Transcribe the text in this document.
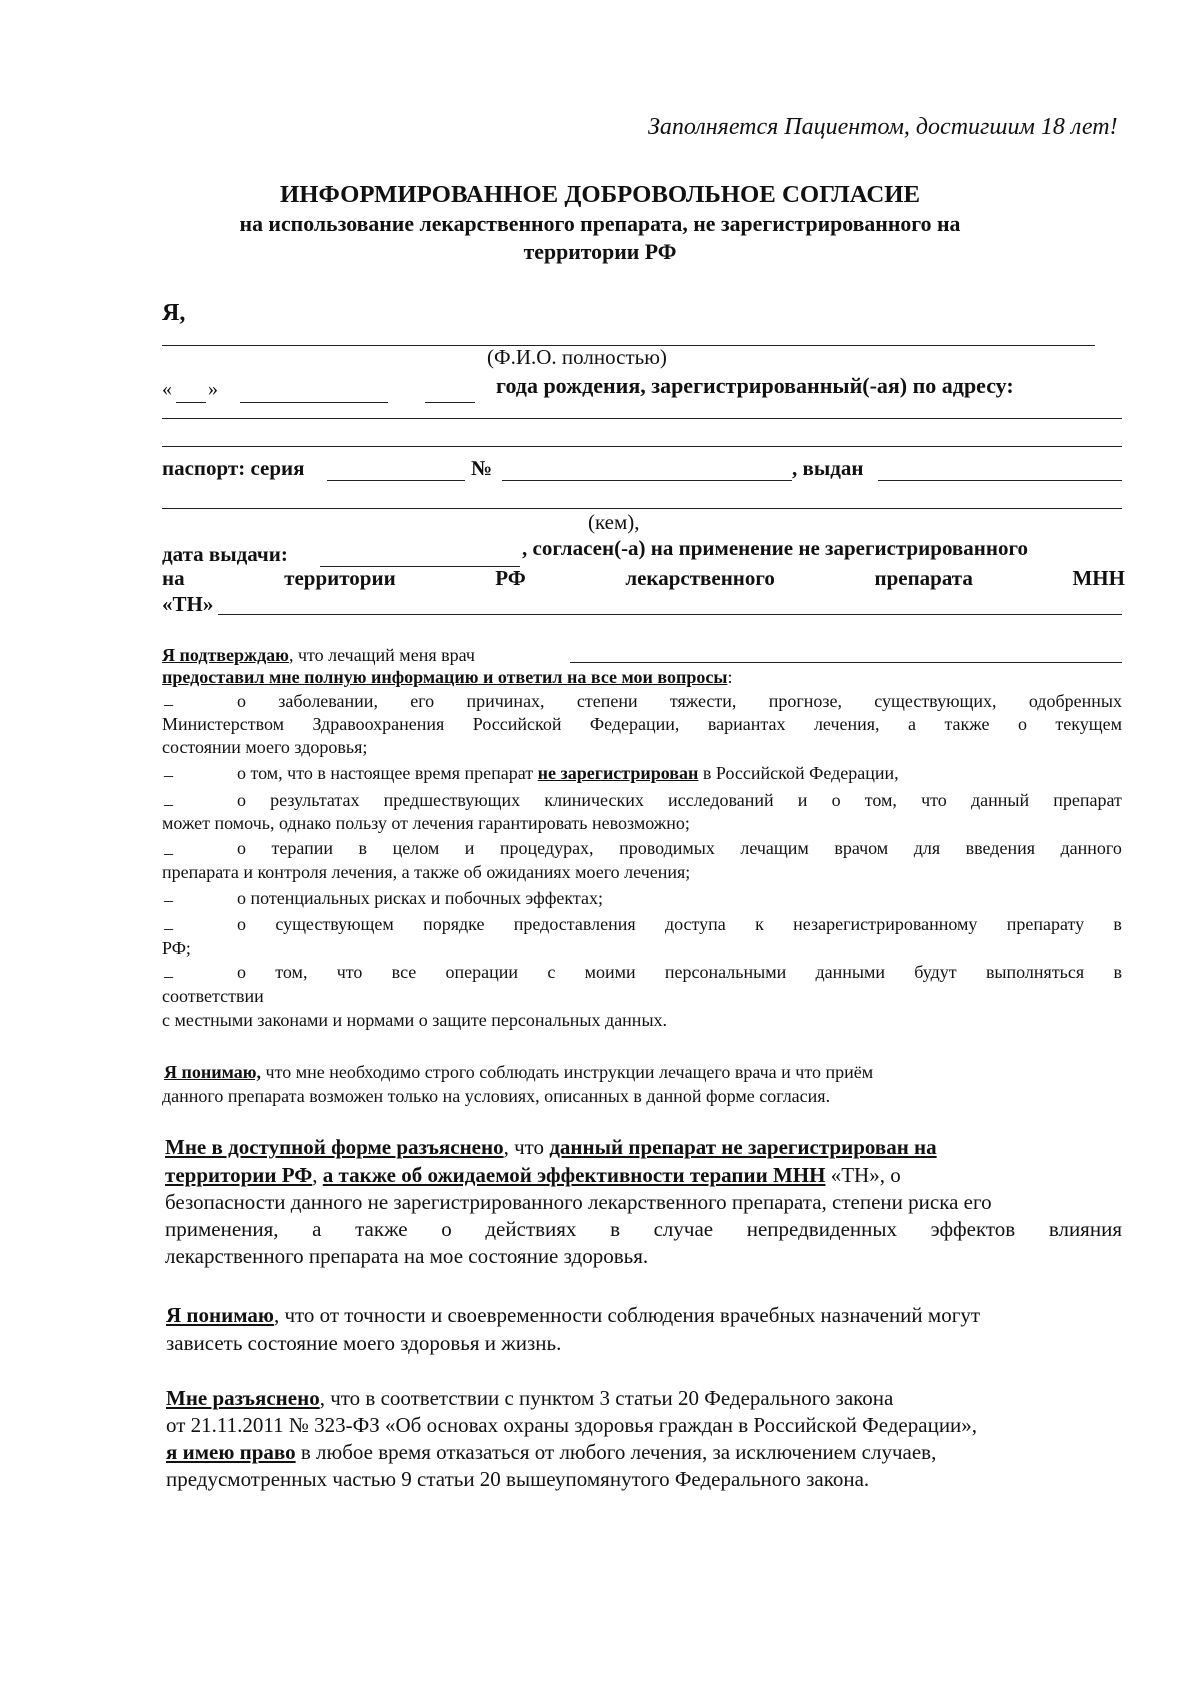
Заполняется Пациентом, достигшим 18 лет!
ИНФОРМИРОВАННОЕ ДОБРОВОЛЬНОЕ СОГЛАСИЕ
на использование лекарственного препарата, не зарегистрированного на
территории РФ
Я,
(Ф.И.О. полностью)
« »	года рождения, зарегистрированный(-ая) по адресу:
паспорт: серия	№	, выдан
(кем),
дата выдачи:	, согласен(-а) на применение не зарегистрированного
на	территории	РФ	лекарственного	препарата	МНН
«ТН»
Я подтверждаю, что лечащий меня врач
предоставил мне полную информацию и ответил на все мои вопросы:
–	о заболевании, его причинах, степени тяжести, прогнозе, существующих, одобренных
Министерством Здравоохранения Российской Федерации, вариантах лечения, а также о текущем
состоянии моего здоровья;
–	о том, что в настоящее время препарат не зарегистрирован в Российской Федерации,
–	о результатах предшествующих клинических исследований и о том, что данный препарат
может помочь, однако пользу от лечения гарантировать невозможно;
–	о терапии в целом и процедурах, проводимых лечащим врачом для введения данного
препарата и контроля лечения, а также об ожиданиях моего лечения;
–	о потенциальных рисках и побочных эффектах;
–	о существующем порядке предоставления доступа к незарегистрированному препарату в
РФ;
–	о том, что все операции с моими персональными данными будут выполняться в
соответствии
с местными законами и нормами о защите персональных данных.
Я понимаю, что мне необходимо строго соблюдать инструкции лечащего врача и что приём
данного препарата возможен только на условиях, описанных в данной форме согласия.
Мне в доступной форме разъяснено, что данный препарат не зарегистрирован на
территории РФ, а также об ожидаемой эффективности терапии МНН «ТН», о
безопасности данного не зарегистрированного лекарственного препарата, степени риска его
применения, а также о действиях в случае непредвиденных эффектов влияния
лекарственного препарата на мое состояние здоровья.
Я понимаю, что от точности и своевременности соблюдения врачебных назначений могут
зависеть состояние моего здоровья и жизнь.
Мне разъяснено, что в соответствии с пунктом 3 статьи 20 Федерального закона
от 21.11.2011 № 323-ФЗ «Об основах охраны здоровья граждан в Российской Федерации»,
я имею право в любое время отказаться от любого лечения, за исключением случаев,
предусмотренных частью 9 статьи 20 вышеупомянутого Федерального закона.
